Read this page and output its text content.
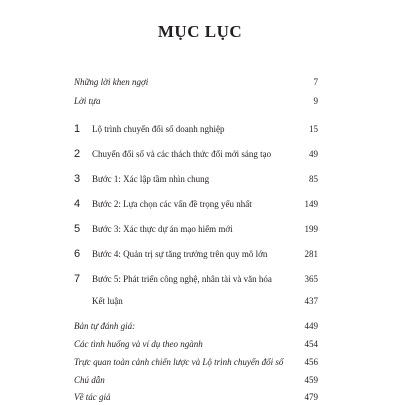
MỤC LỤC
Những lời khen ngợi	7
Lời tựa	9
1 Lộ trình chuyển đổi số doanh nghiệp	15
2 Chuyển đổi số và các thách thức đổi mới sáng tạo	49
3 Bước 1: Xác lập tầm nhìn chung	85
4 Bước 2: Lựa chọn các vấn đề trọng yếu nhất	149
5 Bước 3: Xác thực dự án mạo hiểm mới	199
6 Bước 4: Quản trị sự tăng trưởng trên quy mô lớn	281
7 Bước 5: Phát triển công nghệ, nhân tài và văn hóa	365
Kết luận	437
Bản tự đánh giá:	449
Các tình huống và ví dụ theo ngành	454
Trực quan toàn cảnh chiến lược và Lộ trình chuyển đổi số 456
Chú dẫn	459
Về tác giả	479
